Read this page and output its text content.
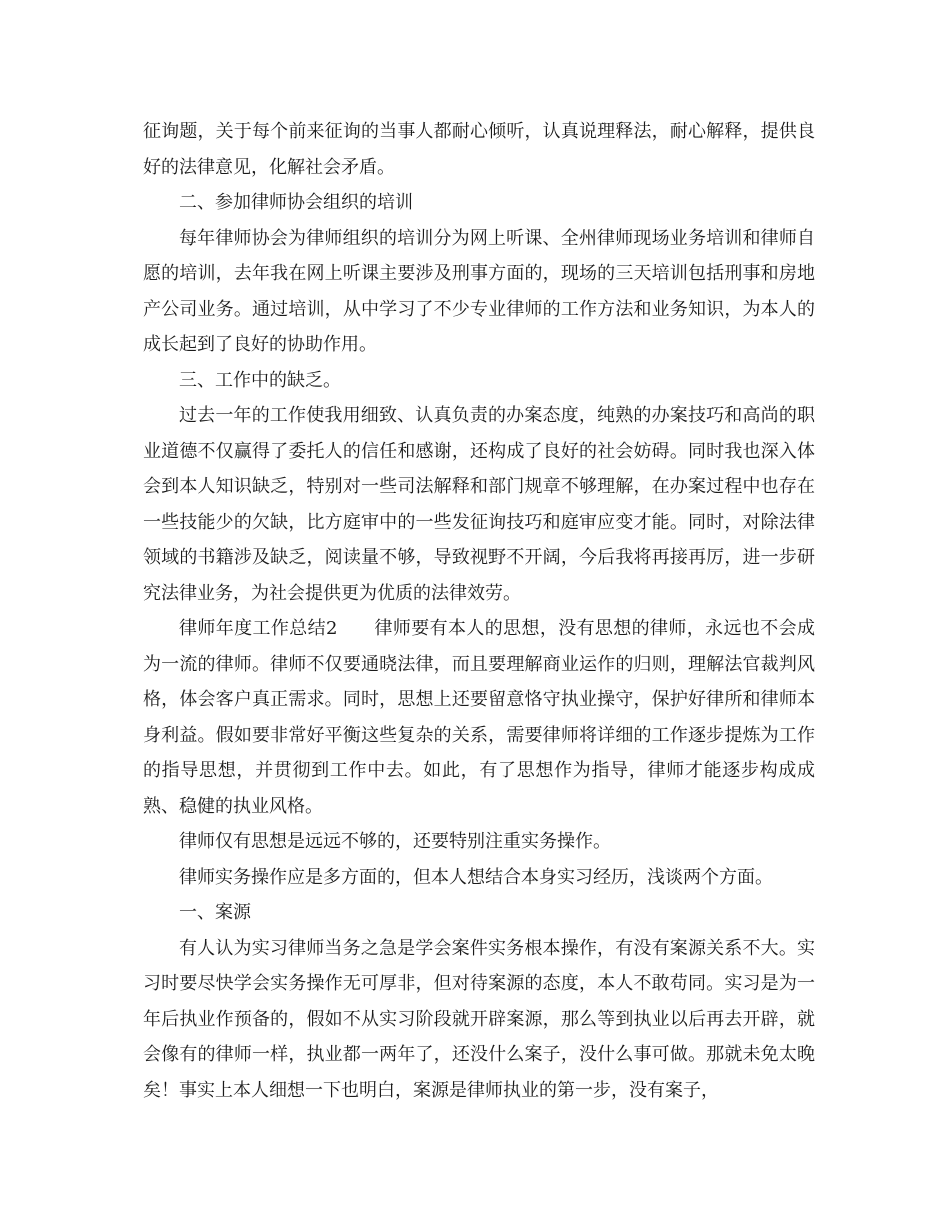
征询题，关于每个前来征询的当事人都耐心倾听，认真说理释法，耐心解释，提供良好的法律意见，化解社会矛盾。

二、参加律师协会组织的培训

每年律师协会为律师组织的培训分为网上听课、全州律师现场业务培训和律师自愿的培训，去年我在网上听课主要涉及刑事方面的，现场的三天培训包括刑事和房地产公司业务。通过培训，从中学习了不少专业律师的工作方法和业务知识，为本人的成长起到了良好的协助作用。

三、工作中的缺乏。

过去一年的工作使我用细致、认真负责的办案态度，纯熟的办案技巧和高尚的职业道德不仅赢得了委托人的信任和感谢，还构成了良好的社会妨碍。同时我也深入体会到本人知识缺乏，特别对一些司法解释和部门规章不够理解，在办案过程中也存在一些技能少的欠缺，比方庭审中的一些发征询技巧和庭审应变才能。同时，对除法律领域的书籍涉及缺乏，阅读量不够，导致视野不开阔，今后我将再接再厉，进一步研究法律业务，为社会提供更为优质的法律效劳。

律师年度工作总结2　　律师要有本人的思想，没有思想的律师，永远也不会成为一流的律师。律师不仅要通晓法律，而且要理解商业运作的归则，理解法官裁判风格，体会客户真正需求。同时，思想上还要留意恪守执业操守，保护好律所和律师本身利益。假如要非常好平衡这些复杂的关系，需要律师将详细的工作逐步提炼为工作的指导思想，并贯彻到工作中去。如此，有了思想作为指导，律师才能逐步构成成熟、稳健的执业风格。

律师仅有思想是远远不够的，还要特别注重实务操作。

律师实务操作应是多方面的，但本人想结合本身实习经历，浅谈两个方面。

一、案源

有人认为实习律师当务之急是学会案件实务根本操作，有没有案源关系不大。实习时要尽快学会实务操作无可厚非，但对待案源的态度，本人不敢苟同。实习是为一年后执业作预备的，假如不从实习阶段就开辟案源，那么等到执业以后再去开辟，就会像有的律师一样，执业都一两年了，还没什么案子，没什么事可做。那就未免太晚矣！事实上本人细想一下也明白，案源是律师执业的第一步，没有案子，
